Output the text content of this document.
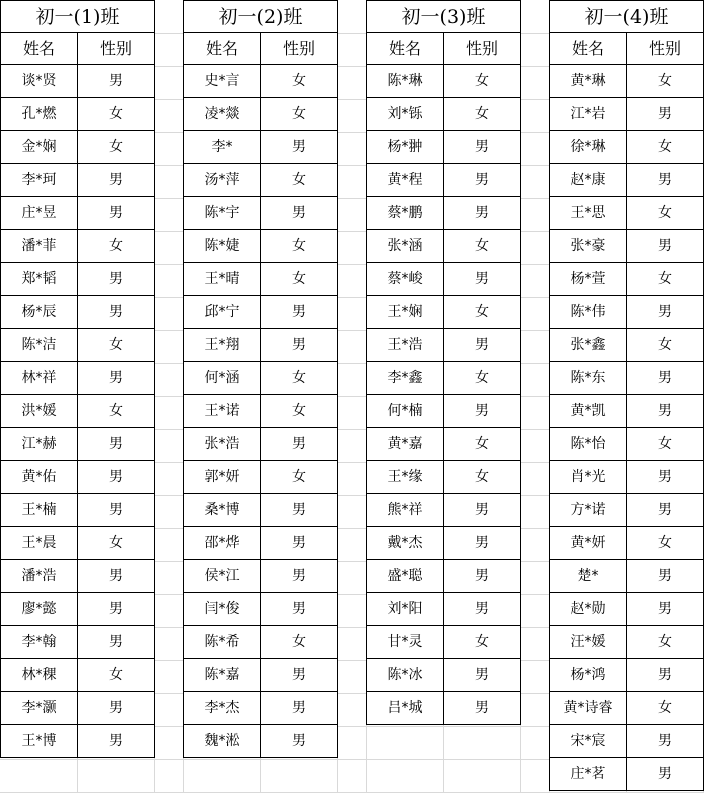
初一(1)班	
姓名	性别
谈*贤	男
孔*燃	女
金*娴	女
李*珂	男
庄*昱	男
潘*菲	女
郑*韬	男
杨*辰	男
陈*洁	女
林*祥	男
洪*媛	女
江*赫	男
黄*佑	男
王*楠	男
王*晨	女
潘*浩	男
廖*懿	男
李*翰	男
林*稞	女
李*灏	男
王*博	男
初一(2)班	
姓名	性别
史*言	女
凌*燚	女
李*	男
汤*萍	女
陈*宇	男
陈*婕	女
王*晴	女
邱*宁	男
王*翔	男
何*涵	女
王*诺	女
张*浩	男
郭*妍	女
桑*博	男
邵*烨	男
侯*江	男
闫*俊	男
陈*希	女
陈*嘉	男
李*杰	男
魏*淞	男
初一(3)班	
姓名	性别
陈*琳	女
刘*铄	女
杨*翀	男
黄*程	男
蔡*鹏	男
张*涵	女
蔡*峻	男
王*娴	女
王*浩	男
李*鑫	女
何*楠	男
黄*嘉	女
王*缘	女
熊*祥	男
戴*杰	男
盛*聪	男
刘*阳	男
甘*灵	女
陈*冰	男
吕*城	男
初一(4)班	
姓名	性别
黄*琳	女
江*岩	男
徐*琳	女
赵*康	男
王*思	女
张*豪	男
杨*萱	女
陈*伟	男
张*鑫	女
陈*东	男
黄*凯	男
陈*怡	女
肖*光	男
方*诺	男
黄*妍	女
楚*	男
赵*勋	男
汪*媛	女
杨*鸿	男
黄*诗睿	女
宋*宸	男
庄*茗	男
